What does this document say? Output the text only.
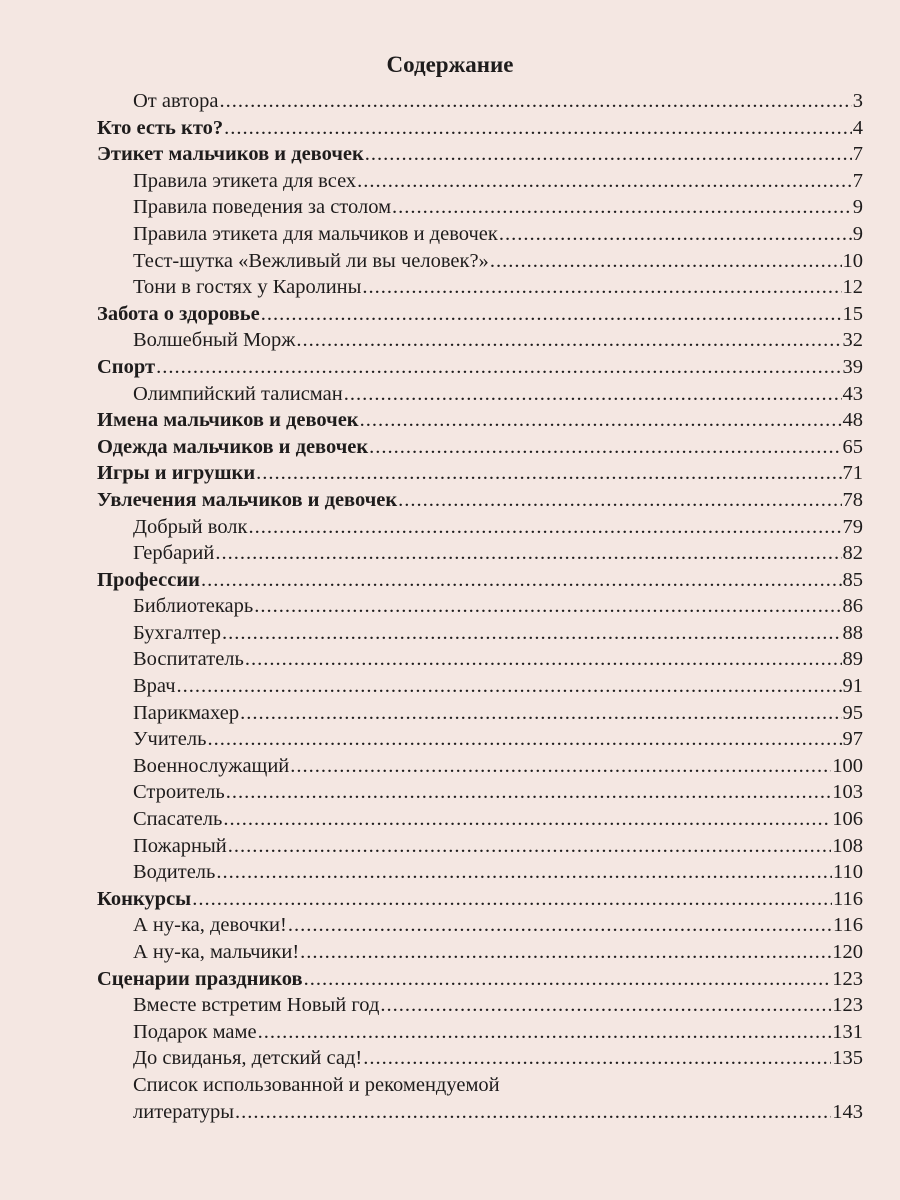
Содержание
От автора .....	3
Кто есть кто? .....	4
Этикет мальчиков и девочек .....	7
Правила этикета для всех .....	7
Правила поведения за столом .....	9
Правила этикета для мальчиков и девочек .....	9
Тест-шутка «Вежливый ли вы человек?» .....	10
Тони в гостях у Каролины .....	12
Забота о здоровье .....	15
Волшебный Морж .....	32
Спорт .....	39
Олимпийский талисман .....	43
Имена мальчиков и девочек .....	48
Одежда мальчиков и девочек .....	65
Игры и игрушки .....	71
Увлечения мальчиков и девочек .....	78
Добрый волк .....	79
Гербарий .....	82
Профессии .....	85
Библиотекарь .....	86
Бухгалтер .....	88
Воспитатель .....	89
Врач .....	91
Парикмахер .....	95
Учитель .....	97
Военнослужащий .....	100
Строитель .....	103
Спасатель .....	106
Пожарный .....	108
Водитель .....	110
Конкурсы .....	116
А ну-ка, девочки! .....	116
А ну-ка, мальчики! .....	120
Сценарии праздников .....	123
Вместе встретим Новый год .....	123
Подарок маме .....	131
До свиданья, детский сад! .....	135
Список использованной и рекомендуемой
литературы .....	143
